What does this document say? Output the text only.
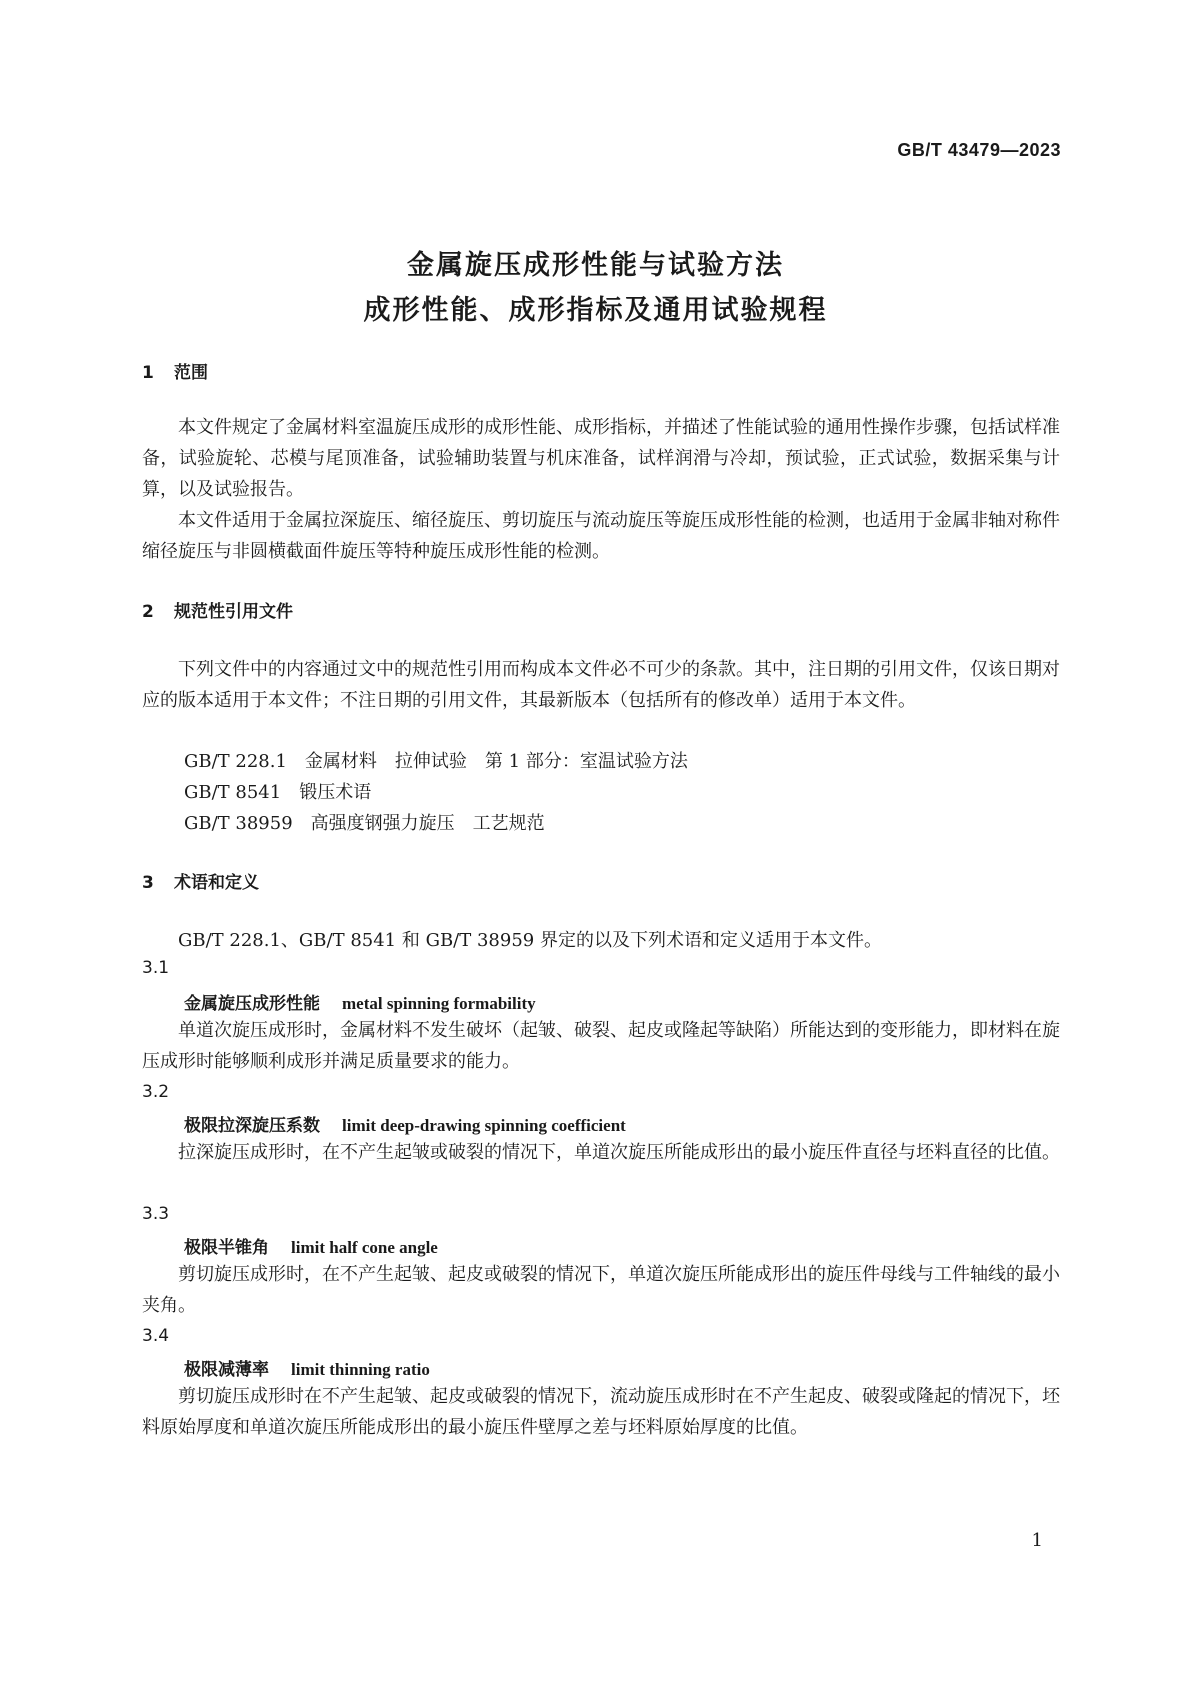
GB/T 43479—2023
金属旋压成形性能与试验方法
成形性能、成形指标及通用试验规程
1 范围

本文件规定了金属材料室温旋压成形的成形性能、成形指标，并描述了性能试验的通用性操作步骤，包括试样准备，试验旋轮、芯模与尾顶准备，试验辅助装置与机床准备，试样润滑与冷却，预试验，正式试验，数据采集与计算，以及试验报告。

本文件适用于金属拉深旋压、缩径旋压、剪切旋压与流动旋压等旋压成形性能的检测，也适用于金属非轴对称件缩径旋压与非圆横截面件旋压等特种旋压成形性能的检测。

2 规范性引用文件

下列文件中的内容通过文中的规范性引用而构成本文件必不可少的条款。其中，注日期的引用文件，仅该日期对应的版本适用于本文件；不注日期的引用文件，其最新版本（包括所有的修改单）适用于本文件。

GB/T 228.1　金属材料　拉伸试验　第 1 部分：室温试验方法
GB/T 8541　锻压术语
GB/T 38959　高强度钢强力旋压　工艺规范
3 术语和定义

GB/T 228.1、GB/T 8541 和 GB/T 38959 界定的以及下列术语和定义适用于本文件。

3.1
金属旋压成形性能 metal spinning formability

单道次旋压成形时，金属材料不发生破坏（起皱、破裂、起皮或隆起等缺陷）所能达到的变形能力，即材料在旋压成形时能够顺利成形并满足质量要求的能力。

3.2
极限拉深旋压系数 limit deep-drawing spinning coefficient

拉深旋压成形时，在不产生起皱或破裂的情况下，单道次旋压所能成形出的最小旋压件直径与坯料直径的比值。

3.3
极限半锥角 limit half cone angle

剪切旋压成形时，在不产生起皱、起皮或破裂的情况下，单道次旋压所能成形出的旋压件母线与工件轴线的最小夹角。

3.4
极限减薄率 limit thinning ratio

剪切旋压成形时在不产生起皱、起皮或破裂的情况下，流动旋压成形时在不产生起皮、破裂或隆起的情况下，坯料原始厚度和单道次旋压所能成形出的最小旋压件壁厚之差与坯料原始厚度的比值。

1
